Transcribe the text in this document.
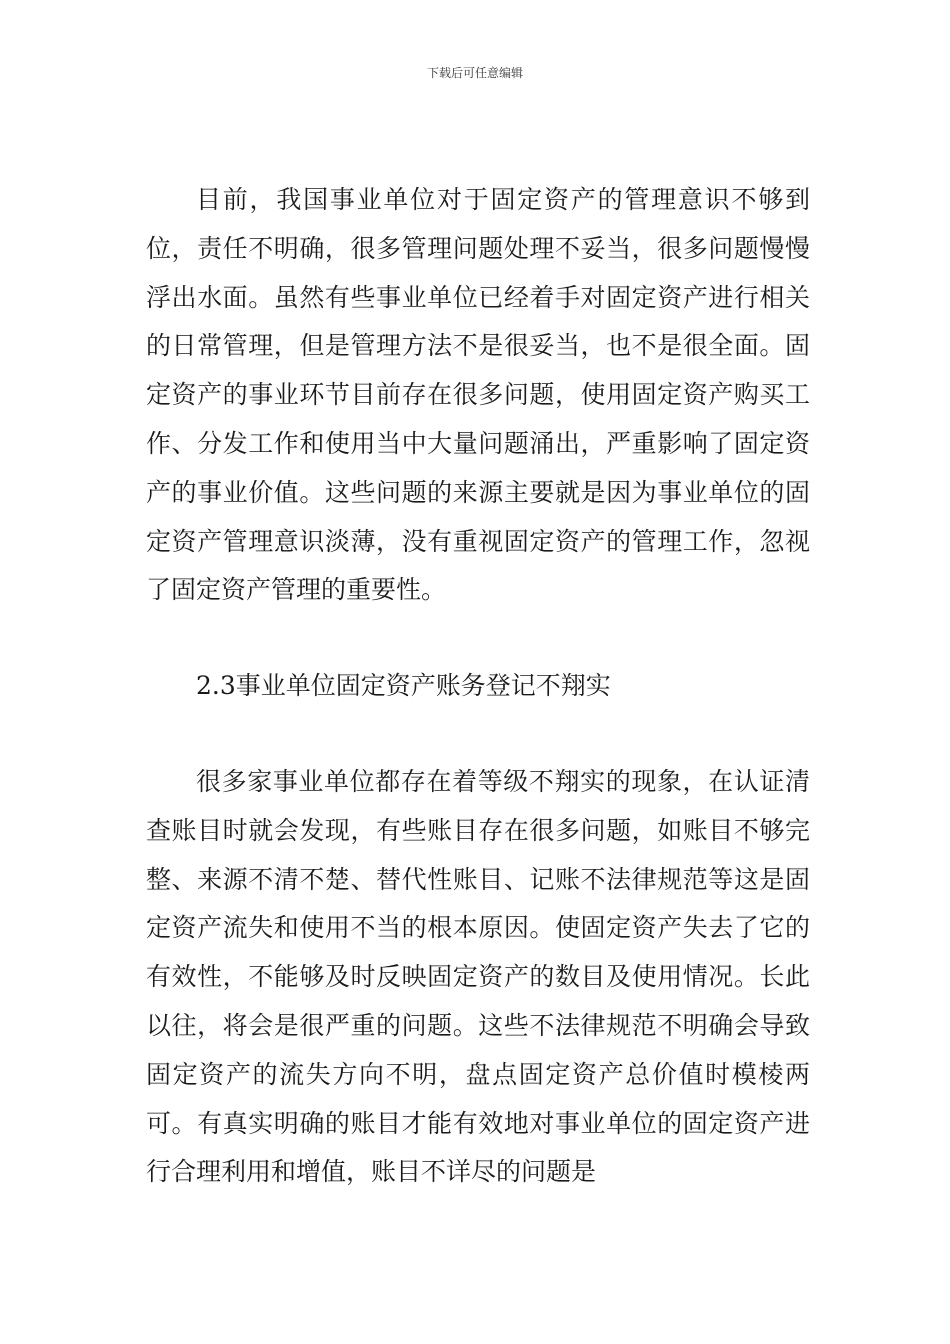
下载后可任意编辑

目前，我国事业单位对于固定资产的管理意识不够到位，责任不明确，很多管理问题处理不妥当，很多问题慢慢浮出水面。虽然有些事业单位已经着手对固定资产进行相关的日常管理，但是管理方法不是很妥当，也不是很全面。固定资产的事业环节目前存在很多问题，使用固定资产购买工作、分发工作和使用当中大量问题涌出，严重影响了固定资产的事业价值。这些问题的来源主要就是因为事业单位的固定资产管理意识淡薄，没有重视固定资产的管理工作，忽视了固定资产管理的重要性。

2.3事业单位固定资产账务登记不翔实

很多家事业单位都存在着等级不翔实的现象，在认证清查账目时就会发现，有些账目存在很多问题，如账目不够完整、来源不清不楚、替代性账目、记账不法律规范等这是固定资产流失和使用不当的根本原因。使固定资产失去了它的有效性，不能够及时反映固定资产的数目及使用情况。长此以往，将会是很严重的问题。这些不法律规范不明确会导致固定资产的流失方向不明，盘点固定资产总价值时模棱两可。有真实明确的账目才能有效地对事业单位的固定资产进行合理利用和增值，账目不详尽的问题是
